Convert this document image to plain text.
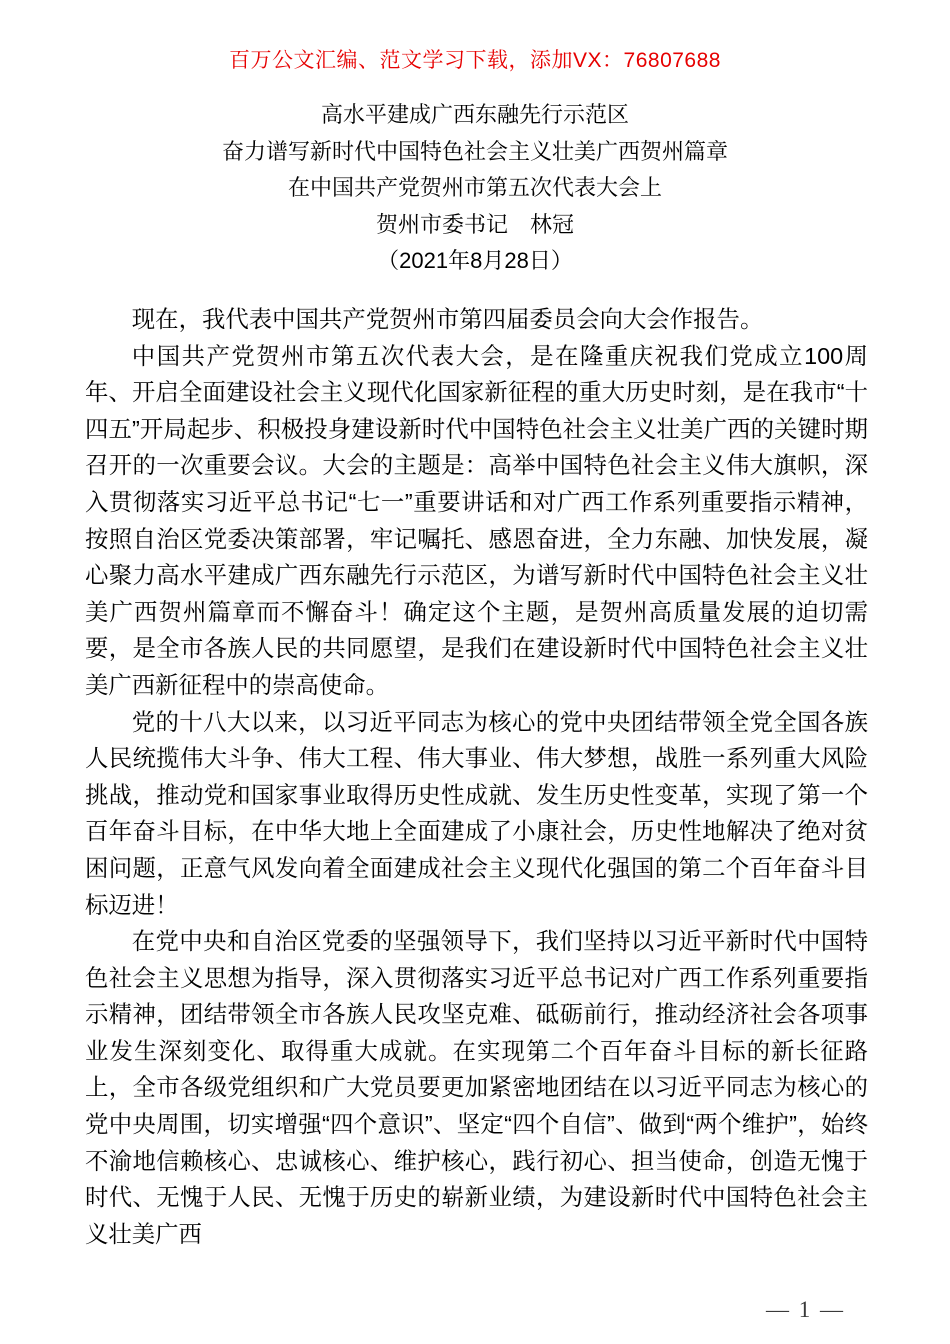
百万公文汇编、范文学习下载，添加VX：76807688
高水平建成广西东融先行示范区
奋力谱写新时代中国特色社会主义壮美广西贺州篇章
在中国共产党贺州市第五次代表大会上
贺州市委书记　林冠
（2021年8月28日）

现在，我代表中国共产党贺州市第四届委员会向大会作报告。

中国共产党贺州市第五次代表大会，是在隆重庆祝我们党成立100周年、开启全面建设社会主义现代化国家新征程的重大历史时刻，是在我市“十四五”开局起步、积极投身建设新时代中国特色社会主义壮美广西的关键时期召开的一次重要会议。大会的主题是：高举中国特色社会主义伟大旗帜，深入贯彻落实习近平总书记“七一”重要讲话和对广西工作系列重要指示精神，按照自治区党委决策部署，牢记嘱托、感恩奋进，全力东融、加快发展，凝心聚力高水平建成广西东融先行示范区，为谱写新时代中国特色社会主义壮美广西贺州篇章而不懈奋斗！确定这个主题，是贺州高质量发展的迫切需要，是全市各族人民的共同愿望，是我们在建设新时代中国特色社会主义壮美广西新征程中的崇高使命。

党的十八大以来，以习近平同志为核心的党中央团结带领全党全国各族人民统揽伟大斗争、伟大工程、伟大事业、伟大梦想，战胜一系列重大风险挑战，推动党和国家事业取得历史性成就、发生历史性变革，实现了第一个百年奋斗目标，在中华大地上全面建成了小康社会，历史性地解决了绝对贫困问题，正意气风发向着全面建成社会主义现代化强国的第二个百年奋斗目标迈进！

在党中央和自治区党委的坚强领导下，我们坚持以习近平新时代中国特色社会主义思想为指导，深入贯彻落实习近平总书记对广西工作系列重要指示精神，团结带领全市各族人民攻坚克难、砥砺前行，推动经济社会各项事业发生深刻变化、取得重大成就。在实现第二个百年奋斗目标的新长征路上，全市各级党组织和广大党员要更加紧密地团结在以习近平同志为核心的党中央周围，切实增强“四个意识”、坚定“四个自信”、做到“两个维护”，始终不渝地信赖核心、忠诚核心、维护核心，践行初心、担当使命，创造无愧于时代、无愧于人民、无愧于历史的崭新业绩，为建设新时代中国特色社会主义壮美广西

— 1 —
